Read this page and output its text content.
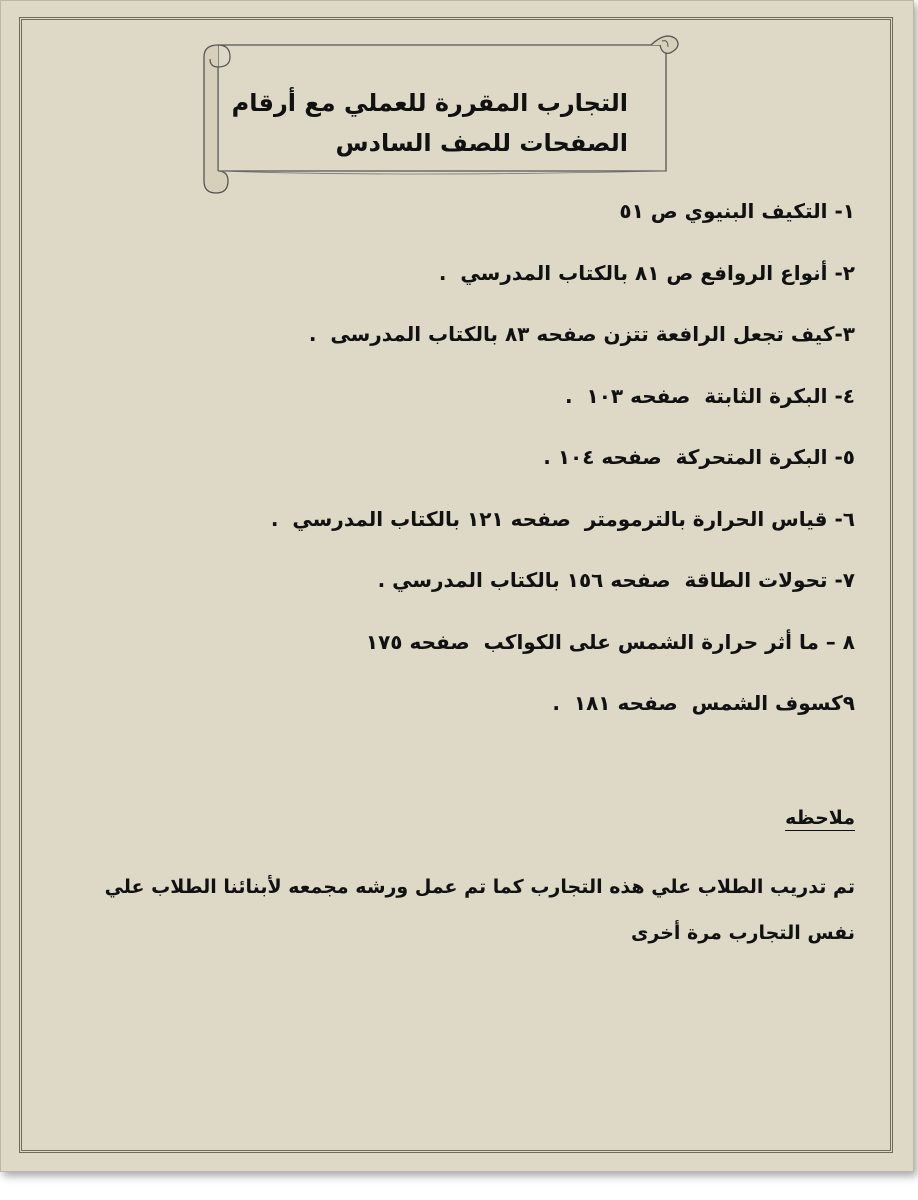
التجارب المقررة للعملي مع أرقام
الصفحات للصف السادس
١- التكيف البنيوي ص ٥١
٢- أنواع الروافع ص ٨١ بالكتاب المدرسي  .
٣-كيف تجعل الرافعة تتزن صفحه ٨٣ بالكتاب المدرسى  .
٤- البكرة الثابتة  صفحه ١٠٣  .
٥- البكرة المتحركة  صفحه ١٠٤ .
٦- قياس الحرارة بالترمومتر  صفحه ١٢١ بالكتاب المدرسي  .
٧- تحولات الطاقة  صفحه ١٥٦ بالكتاب المدرسي .
٨ – ما أثر حرارة الشمس على الكواكب  صفحه ١٧٥
٩كسوف الشمس  صفحه ١٨١  .
ملاحظه
تم تدريب الطلاب علي هذه التجارب كما تم عمل ورشه مجمعه لأبنائنا الطلاب علي نفس التجارب مرة أخرى
